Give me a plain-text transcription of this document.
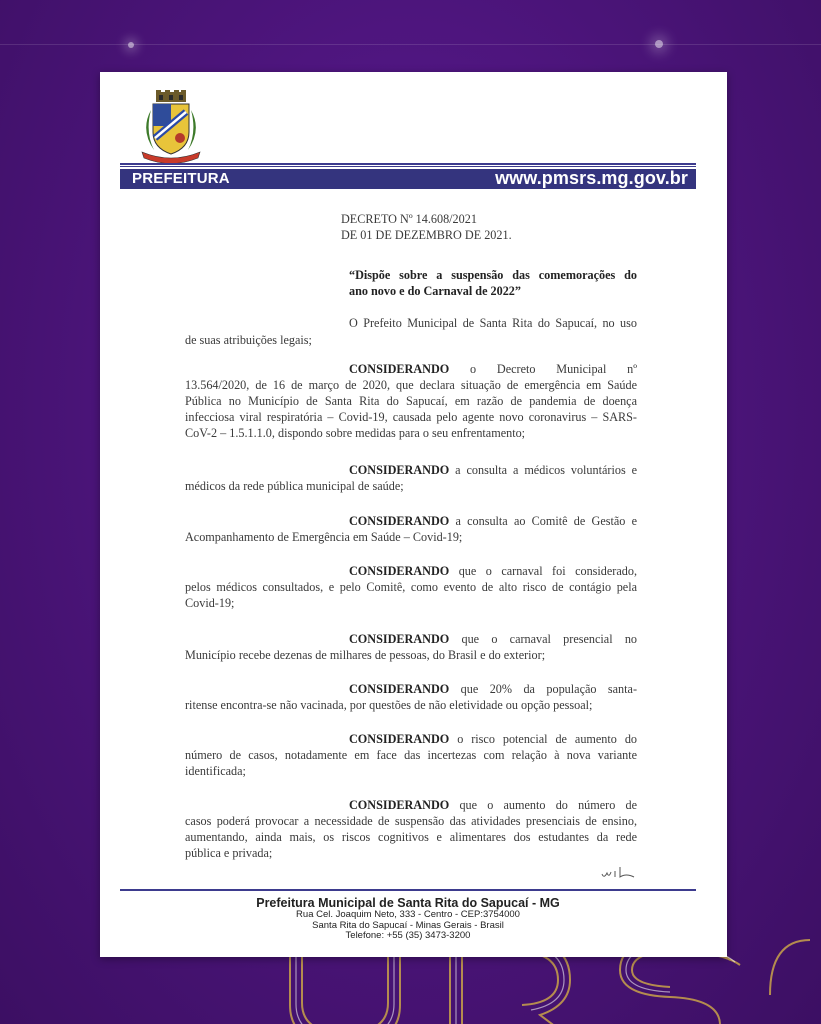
PREFEITURA	www.pmsrs.mg.gov.br
DECRETO Nº 14.608/2021
DE 01 DE DEZEMBRO DE 2021.
“Dispõe sobre a suspensão das comemorações do
ano novo e do Carnaval de 2022”
O Prefeito Municipal de Santa Rita do Sapucaí, no uso
de suas atribuições legais;
CONSIDERANDO o Decreto Municipal nº
13.564/2020, de 16 de março de 2020, que declara situação de emergência em Saúde
Pública no Município de Santa Rita do Sapucaí, em razão de pandemia de doença
infecciosa viral respiratória – Covid-19, causada pelo agente novo coronavirus – SARS-
CoV-2 – 1.5.1.1.0, dispondo sobre medidas para o seu enfrentamento;
CONSIDERANDO a consulta a médicos voluntários e
médicos da rede pública municipal de saúde;
CONSIDERANDO a consulta ao Comitê de Gestão e
Acompanhamento de Emergência em Saúde – Covid-19;
CONSIDERANDO que o carnaval foi considerado,
pelos médicos consultados, e pelo Comitê, como evento de alto risco de contágio pela
Covid-19;
CONSIDERANDO que o carnaval presencial no
Município recebe dezenas de milhares de pessoas, do Brasil e do exterior;
CONSIDERANDO que 20% da população santa-
ritense encontra-se não vacinada, por questões de não eletividade ou opção pessoal;
CONSIDERANDO o risco potencial de aumento do
número de casos, notadamente em face das incertezas com relação à nova variante
identificada;
CONSIDERANDO que o aumento do número de
casos poderá provocar a necessidade de suspensão das atividades presenciais de ensino,
aumentando, ainda mais, os riscos cognitivos e alimentares dos estudantes da rede
pública e privada;
Prefeitura Municipal de Santa Rita do Sapucaí - MG
Rua Cel. Joaquim Neto, 333 - Centro - CEP:3754000
Santa Rita do Sapucaí - Minas Gerais - Brasil
Telefone: +55 (35) 3473-3200
